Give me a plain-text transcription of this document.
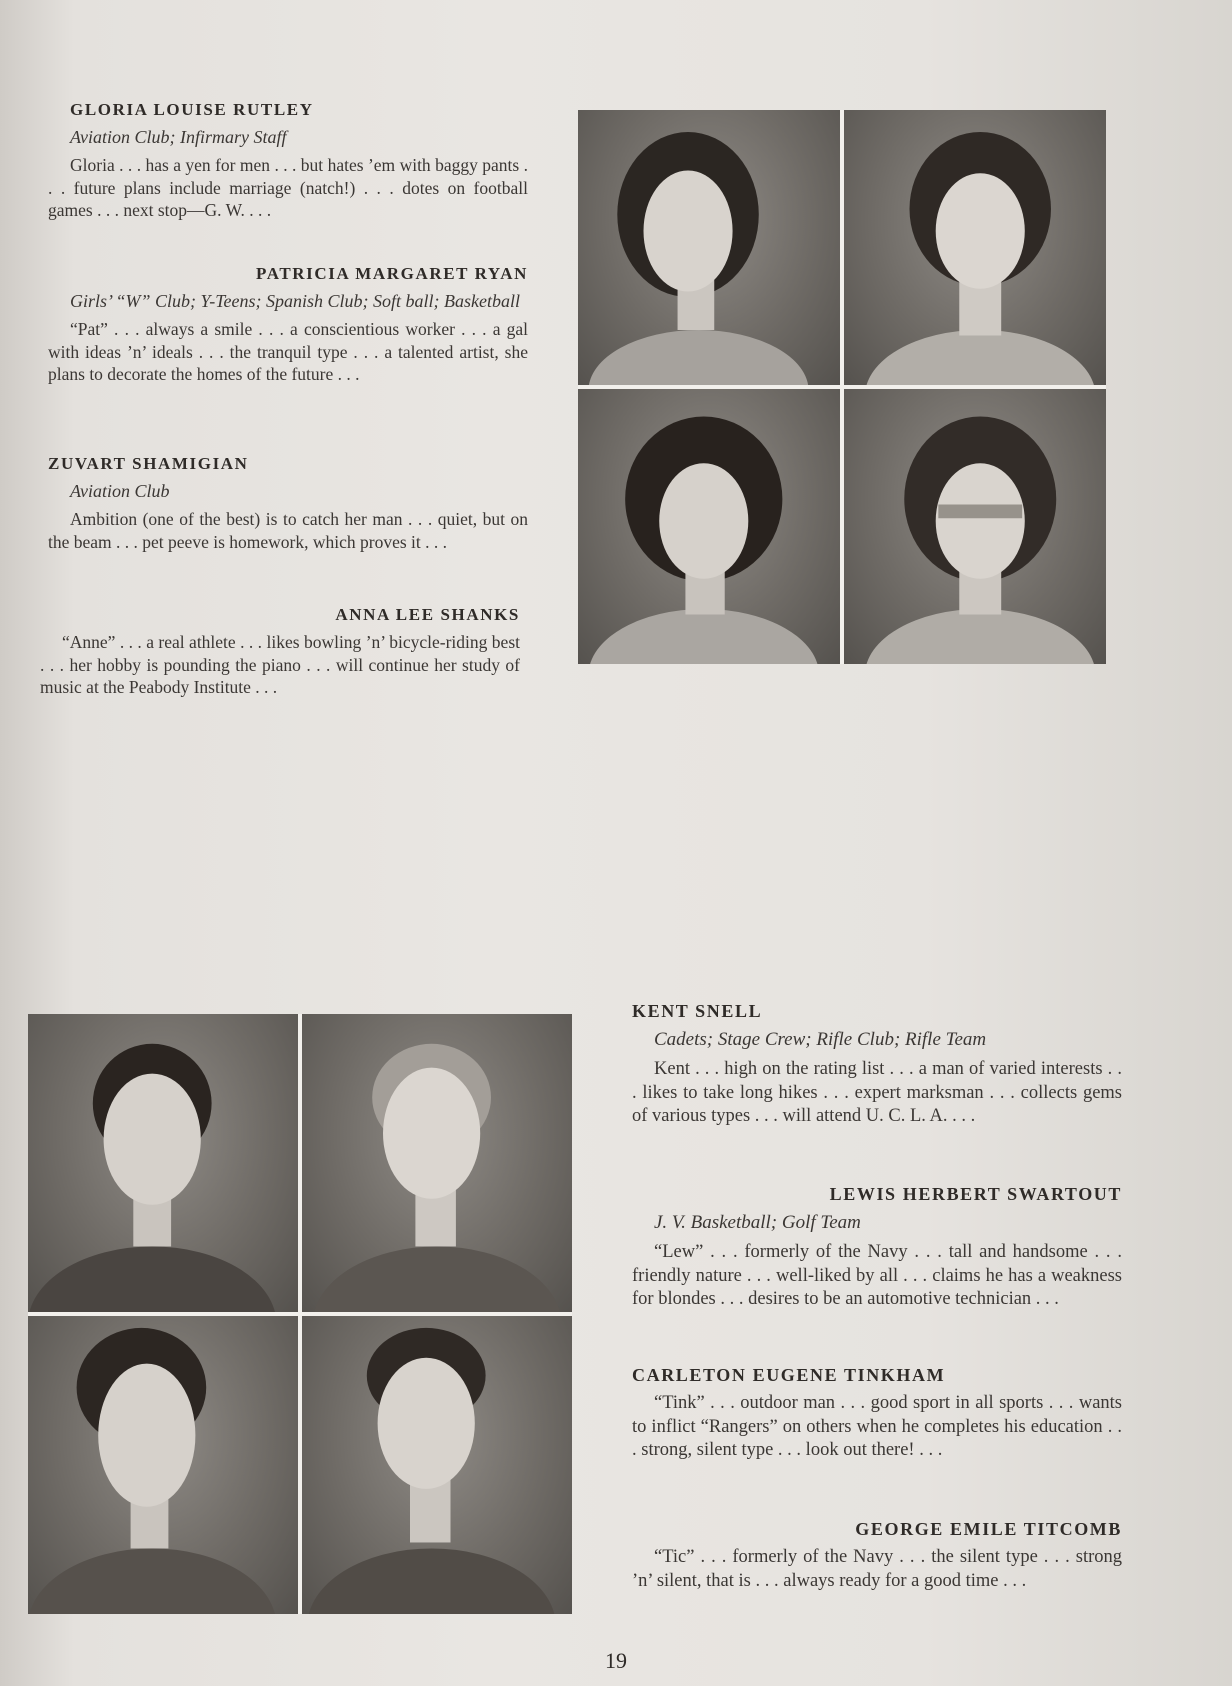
GLORIA LOUISE RUTLEY

Aviation Club; Infirmary Staff

Gloria . . . has a yen for men . . . but hates ’em with baggy pants . . . future plans include marriage (natch!) . . . dotes on football games . . . next stop—G. W. . . .

PATRICIA MARGARET RYAN

Girls’ “W” Club; Y-Teens; Spanish Club; Soft ball; Basketball

“Pat” . . . always a smile . . . a conscientious worker . . . a gal with ideas ’n’ ideals . . . the tranquil type . . . a talented artist, she plans to decorate the homes of the future . . .

ZUVART SHAMIGIAN

Aviation Club

Ambition (one of the best) is to catch her man . . . quiet, but on the beam . . . pet peeve is homework, which proves it . . .

ANNA LEE SHANKS

“Anne” . . . a real athlete . . . likes bowling ’n’ bicycle-riding best . . . her hobby is pounding the piano . . . will continue her study of music at the Peabody Institute . . .

KENT SNELL

Cadets; Stage Crew; Rifle Club; Rifle Team

Kent . . . high on the rating list . . . a man of varied interests . . . likes to take long hikes . . . expert marksman . . . collects gems of various types . . . will attend U. C. L. A. . . .

LEWIS HERBERT SWARTOUT

J. V. Basketball; Golf Team

“Lew” . . . formerly of the Navy . . . tall and handsome . . . friendly nature . . . well-liked by all . . . claims he has a weakness for blondes . . . desires to be an automotive technician . . .

CARLETON EUGENE TINKHAM

“Tink” . . . outdoor man . . . good sport in all sports . . . wants to inflict “Rangers” on others when he completes his education . . . strong, silent type . . . look out there! . . .

GEORGE EMILE TITCOMB

“Tic” . . . formerly of the Navy . . . the silent type . . . strong ’n’ silent, that is . . . always ready for a good time . . .

19
